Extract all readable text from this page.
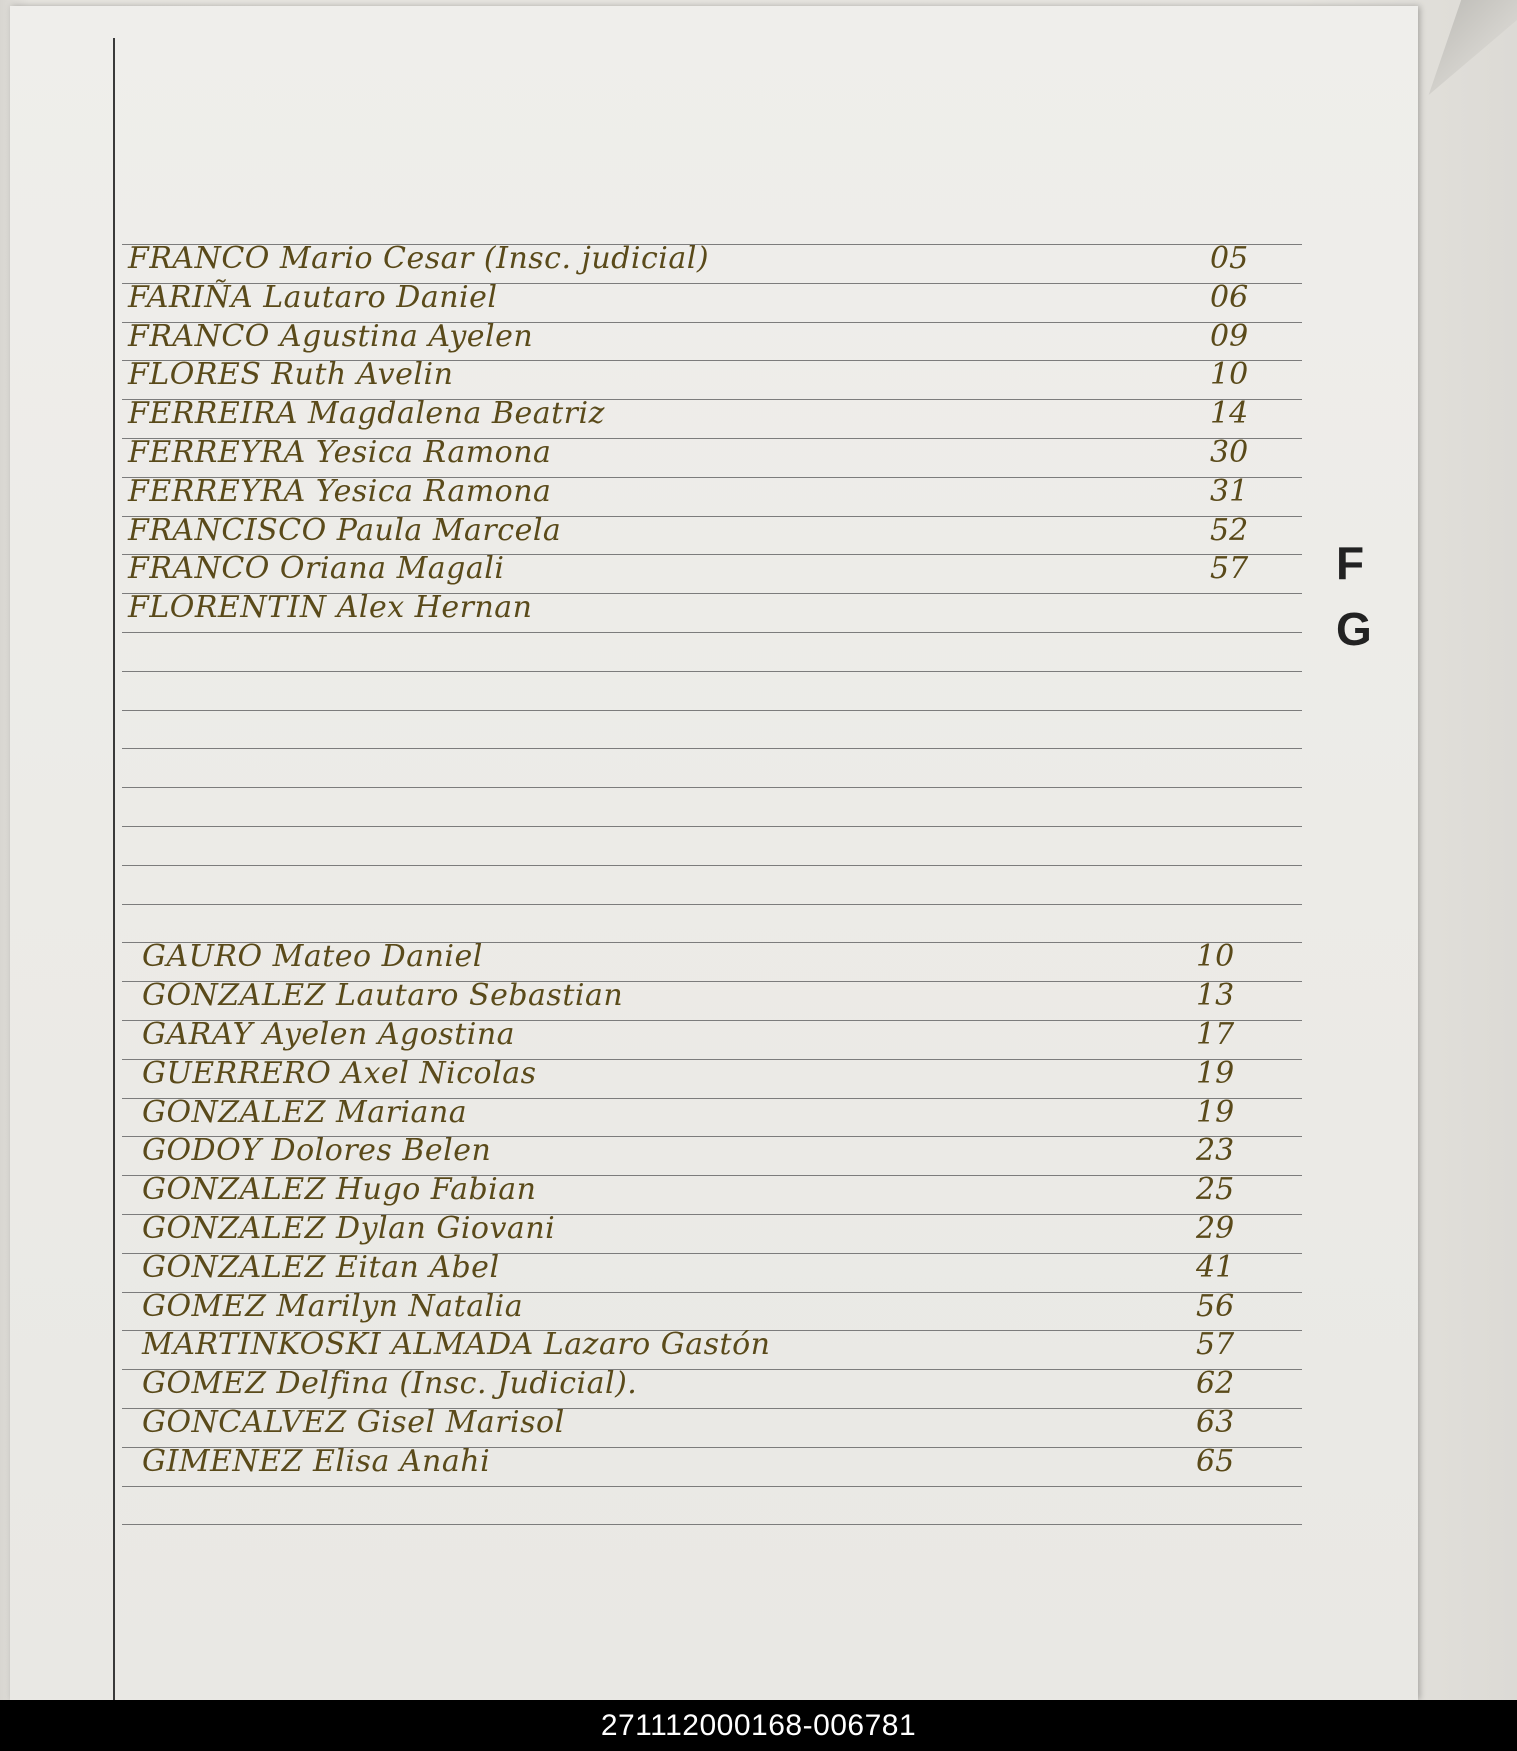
FRANCO Mario Cesar (Insc. judicial)	05
FARIÑA Lautaro Daniel	06
FRANCO Agustina Ayelen	09
FLORES Ruth Avelin	10
FERREIRA Magdalena Beatriz	14
FERREYRA Yesica Ramona	30
FERREYRA Yesica Ramona	31
FRANCISCO Paula Marcela	52
FRANCO Oriana Magali	57
FLORENTIN Alex Hernan
GAURO Mateo Daniel	10
GONZALEZ Lautaro Sebastian	13
GARAY Ayelen Agostina	17
GUERRERO Axel Nicolas	19
GONZALEZ Mariana	19
GODOY Dolores Belen	23
GONZALEZ Hugo Fabian	25
GONZALEZ Dylan Giovani	29
GONZALEZ Eitan Abel	41
GOMEZ Marilyn Natalia	56
MARTINKOSKI ALMADA Lazaro Gastón	57
GOMEZ Delfina (Insc. Judicial).	62
GONCALVEZ Gisel Marisol	63
GIMENEZ Elisa Anahi	65
F
G
271112000168-006781
